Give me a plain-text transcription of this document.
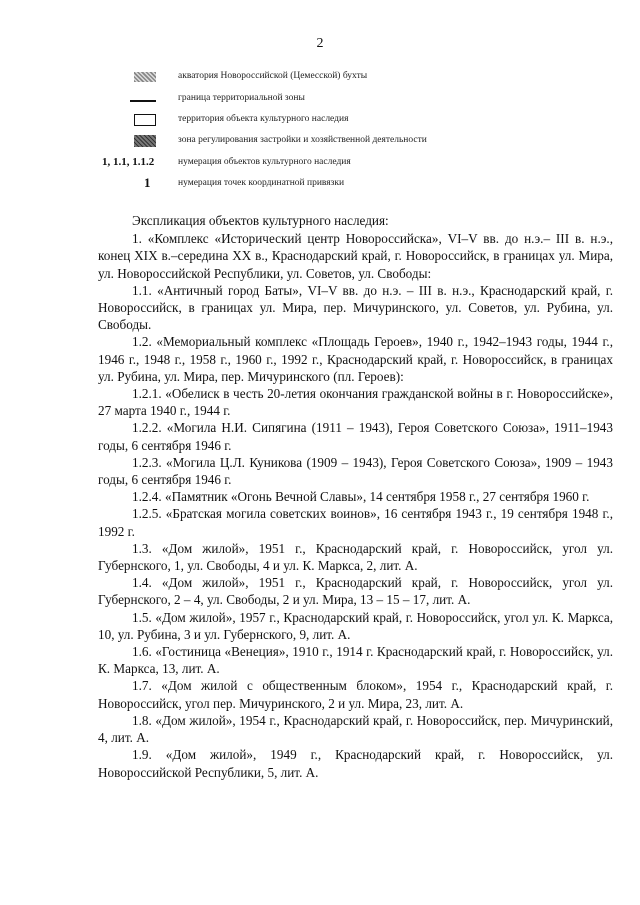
2
акватория Новороссийской (Цемесской) бухты
граница территориальной зоны
территория объекта культурного наследия
зона регулирования застройки и хозяйственной деятельности
1, 1.1, 1.1.2	нумерация объектов культурного наследия
1	нумерация точек координатной привязки

Экспликация объектов культурного наследия:

1. «Комплекс «Исторический центр Новороссийска», VI–V вв. до н.э.– III в. н.э., конец XIX в.–середина XX в., Краснодарский край, г. Новороссийск, в границах ул. Мира, ул. Новороссийской Республики, ул. Советов, ул. Свободы:

1.1. «Античный город Баты», VI–V вв. до н.э. – III в. н.э., Краснодарский край, г. Новороссийск, в границах ул. Мира, пер. Мичуринского, ул. Советов, ул. Рубина, ул. Свободы.

1.2. «Мемориальный комплекс «Площадь Героев», 1940 г., 1942–1943 годы, 1944 г., 1946 г., 1948 г., 1958 г., 1960 г., 1992 г., Краснодарский край, г. Новороссийск, в границах ул. Рубина, ул. Мира, пер. Мичуринского (пл. Героев):

1.2.1. «Обелиск в честь 20-летия окончания гражданской войны в г. Новороссийске», 27 марта 1940 г., 1944 г.

1.2.2. «Могила Н.И. Сипягина (1911 – 1943), Героя Советского Союза», 1911–1943 годы, 6 сентября 1946 г.

1.2.3. «Могила Ц.Л. Куникова (1909 – 1943), Героя Советского Союза», 1909 – 1943 годы, 6 сентября 1946 г.

1.2.4. «Памятник «Огонь Вечной Славы», 14 сентября 1958 г., 27 сентября 1960 г.

1.2.5. «Братская могила советских воинов», 16 сентября 1943 г., 19 сентября 1948 г., 1992 г.

1.3. «Дом жилой», 1951 г., Краснодарский край, г. Новороссийск, угол ул. Губернского, 1, ул. Свободы, 4 и ул. К. Маркса, 2, лит. А.

1.4. «Дом жилой», 1951 г., Краснодарский край, г. Новороссийск, угол ул. Губернского, 2 – 4, ул. Свободы, 2 и ул. Мира, 13 – 15 – 17, лит. А.

1.5. «Дом жилой», 1957 г., Краснодарский край, г. Новороссийск, угол ул. К. Маркса, 10, ул. Рубина, 3 и ул. Губернского, 9, лит. А.

1.6. «Гостиница «Венеция», 1910 г., 1914 г. Краснодарский край, г. Новороссийск, ул. К. Маркса, 13, лит. А.

1.7. «Дом жилой с общественным блоком», 1954 г., Краснодарский край, г. Новороссийск, угол пер. Мичуринского, 2 и ул. Мира, 23, лит. А.

1.8. «Дом жилой», 1954 г., Краснодарский край, г. Новороссийск, пер. Мичуринский, 4, лит. А.

1.9. «Дом жилой», 1949 г., Краснодарский край, г. Новороссийск, ул. Новороссийской Республики, 5, лит. А.
